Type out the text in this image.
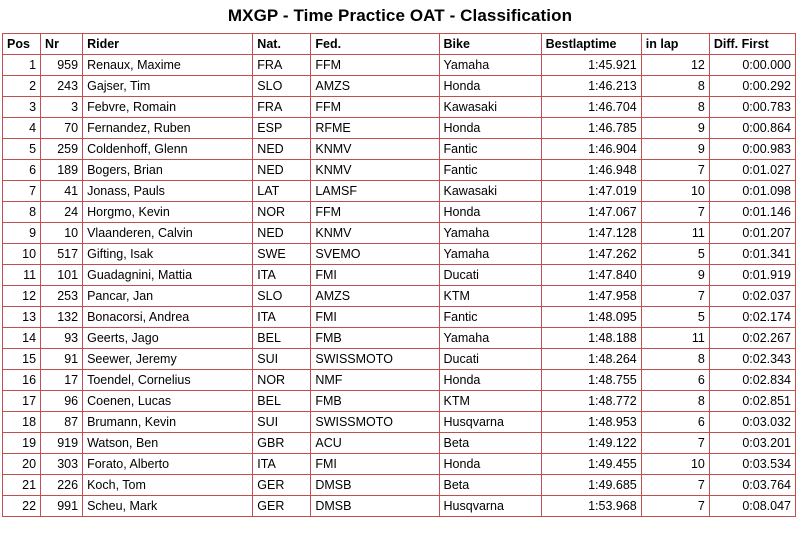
MXGP - Time Practice OAT - Classification
Pos	Nr	Rider	Nat.	Fed.	Bike	Bestlaptime	in lap	Diff. First
1	959	Renaux, Maxime	FRA	FFM	Yamaha	1:45.921	12	0:00.000
2	243	Gajser, Tim	SLO	AMZS	Honda	1:46.213	8	0:00.292
3	3	Febvre, Romain	FRA	FFM	Kawasaki	1:46.704	8	0:00.783
4	70	Fernandez, Ruben	ESP	RFME	Honda	1:46.785	9	0:00.864
5	259	Coldenhoff, Glenn	NED	KNMV	Fantic	1:46.904	9	0:00.983
6	189	Bogers, Brian	NED	KNMV	Fantic	1:46.948	7	0:01.027
7	41	Jonass, Pauls	LAT	LAMSF	Kawasaki	1:47.019	10	0:01.098
8	24	Horgmo, Kevin	NOR	FFM	Honda	1:47.067	7	0:01.146
9	10	Vlaanderen, Calvin	NED	KNMV	Yamaha	1:47.128	11	0:01.207
10	517	Gifting, Isak	SWE	SVEMO	Yamaha	1:47.262	5	0:01.341
11	101	Guadagnini, Mattia	ITA	FMI	Ducati	1:47.840	9	0:01.919
12	253	Pancar, Jan	SLO	AMZS	KTM	1:47.958	7	0:02.037
13	132	Bonacorsi, Andrea	ITA	FMI	Fantic	1:48.095	5	0:02.174
14	93	Geerts, Jago	BEL	FMB	Yamaha	1:48.188	11	0:02.267
15	91	Seewer, Jeremy	SUI	SWISSMOTO	Ducati	1:48.264	8	0:02.343
16	17	Toendel, Cornelius	NOR	NMF	Honda	1:48.755	6	0:02.834
17	96	Coenen, Lucas	BEL	FMB	KTM	1:48.772	8	0:02.851
18	87	Brumann, Kevin	SUI	SWISSMOTO	Husqvarna	1:48.953	6	0:03.032
19	919	Watson, Ben	GBR	ACU	Beta	1:49.122	7	0:03.201
20	303	Forato, Alberto	ITA	FMI	Honda	1:49.455	10	0:03.534
21	226	Koch, Tom	GER	DMSB	Beta	1:49.685	7	0:03.764
22	991	Scheu, Mark	GER	DMSB	Husqvarna	1:53.968	7	0:08.047
